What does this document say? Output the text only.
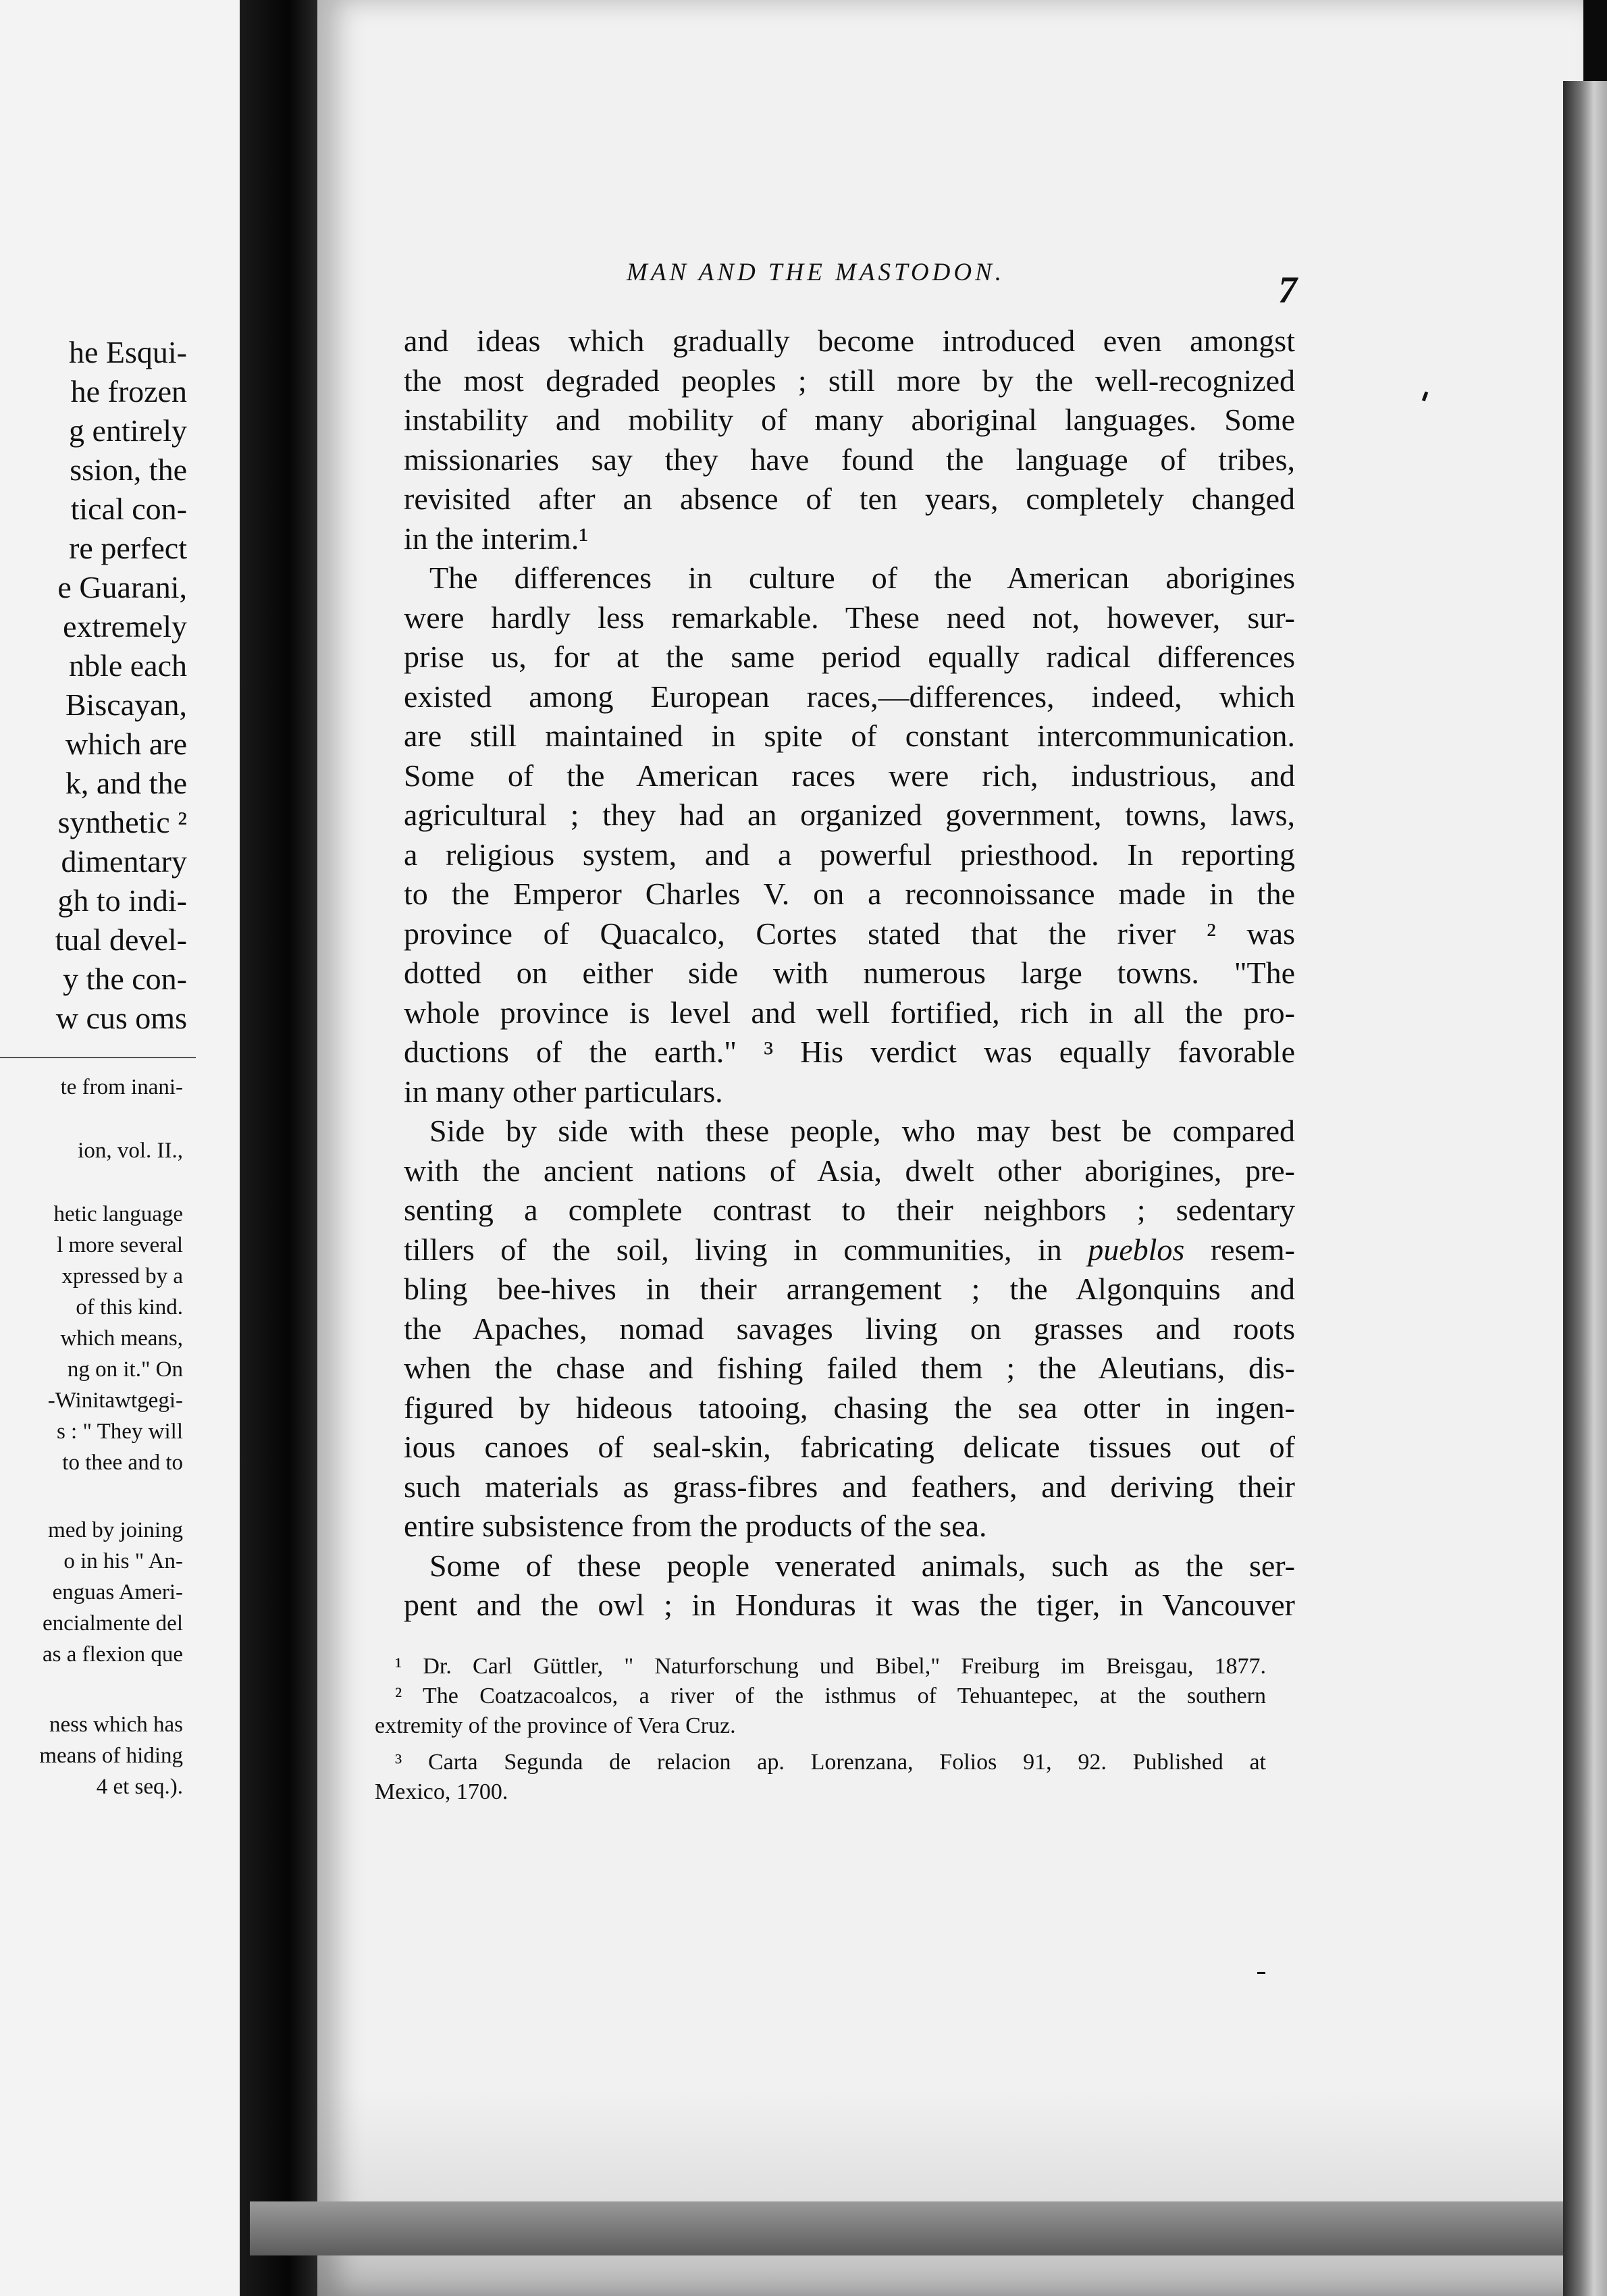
he Esqui-
he frozen
g entirely
ssion, the
tical con-
re perfect
e Guarani,
extremely
nble each
Biscayan,
which are
k, and the
synthetic ²
dimentary
gh to indi-
tual devel-
y the con-
w cus oms
te from inani-
ion, vol. II.,
hetic language
l more several
xpressed by a
of this kind.
which means,
ng on it." On
-Winitawtgegi-
s : " They will
to thee and to
med by joining
o in his " An-
enguas Ameri-
encialmente del
as a flexion que
ness which has
means of hiding
4 et seq.).
MAN AND THE MASTODON.	7
and ideas which gradually become introduced even amongst
the most degraded peoples ; still more by the well-recognized
instability and mobility of many aboriginal languages. Some
missionaries say they have found the language of tribes,
revisited after an absence of ten years, completely changed
in the interim.¹
The differences in culture of the American aborigines
were hardly less remarkable. These need not, however, sur-
prise us, for at the same period equally radical differences
existed among European races,—differences, indeed, which
are still maintained in spite of constant intercommunication.
Some of the American races were rich, industrious, and
agricultural ; they had an organized government, towns, laws,
a religious system, and a powerful priesthood. In reporting
to the Emperor Charles V. on a reconnoissance made in the
province of Quacalco, Cortes stated that the river ² was
dotted on either side with numerous large towns. "The
whole province is level and well fortified, rich in all the pro-
ductions of the earth." ³ His verdict was equally favorable
in many other particulars.
Side by side with these people, who may best be compared
with the ancient nations of Asia, dwelt other aborigines, pre-
senting a complete contrast to their neighbors ; sedentary
tillers of the soil, living in communities, in pueblos resem-
bling bee-hives in their arrangement ; the Algonquins and
the Apaches, nomad savages living on grasses and roots
when the chase and fishing failed them ; the Aleutians, dis-
figured by hideous tatooing, chasing the sea otter in ingen-
ious canoes of seal-skin, fabricating delicate tissues out of
such materials as grass-fibres and feathers, and deriving their
entire subsistence from the products of the sea.
Some of these people venerated animals, such as the ser-
pent and the owl ; in Honduras it was the tiger, in Vancouver
¹ Dr. Carl Güttler, " Naturforschung und Bibel," Freiburg im Breisgau, 1877.
² The Coatzacoalcos, a river of the isthmus of Tehuantepec, at the southern
extremity of the province of Vera Cruz.
³ Carta Segunda de relacion ap. Lorenzana, Folios 91, 92. Published at
Mexico, 1700.
